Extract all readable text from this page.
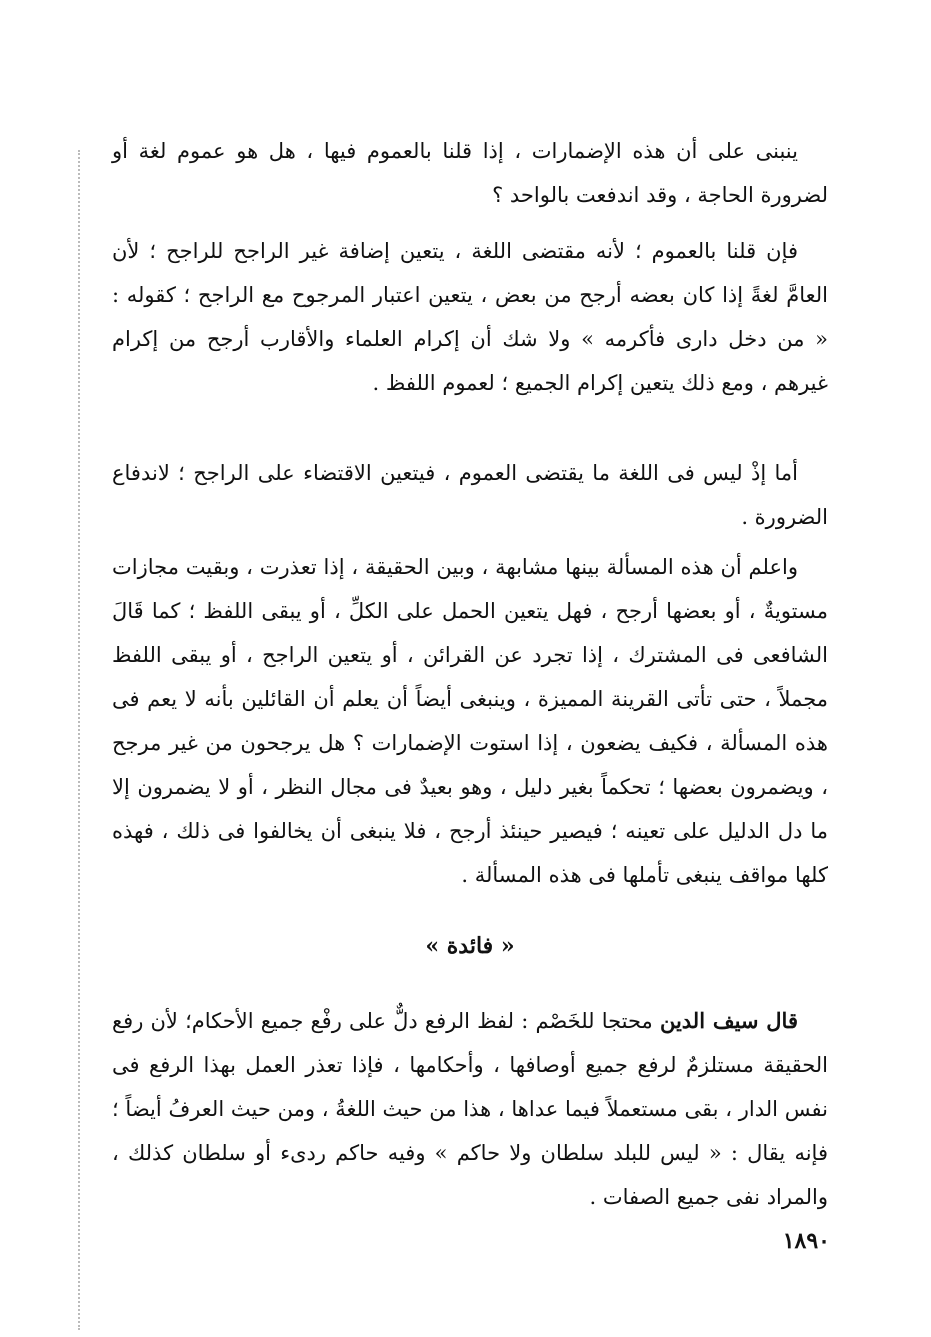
ينبنى على أن هذه الإضمارات ، إذا قلنا بالعموم فيها ، هل هو عموم لغة أو لضرورة الحاجة ، وقد اندفعت بالواحد ؟

فإن قلنا بالعموم ؛ لأنه مقتضى اللغة ، يتعين إضافة غير الراجح للراجح ؛ لأن العامَّ لغةً إذا كان بعضه أرجح من بعض ، يتعين اعتبار المرجوح مع الراجح ؛ كقوله : « من دخل دارى فأكرمه » ولا شك أن إكرام العلماء والأقارب أرجح من إكرام غيرهم ، ومع ذلك يتعين إكرام الجميع ؛ لعموم اللفظ .

أما إذْ ليس فى اللغة ما يقتضى العموم ، فيتعين الاقتضاء على الراجح ؛ لاندفاع الضرورة .

واعلم أن هذه المسألة بينها مشابهة ، وبين الحقيقة ، إذا تعذرت ، وبقيت مجازات مستويةٌ ، أو بعضها أرجح ، فهل يتعين الحمل على الكلِّ ، أو يبقى اللفظ ؛ كما قَالَ الشافعى فى المشترك ، إذا تجرد عن القرائن ، أو يتعين الراجح ، أو يبقى اللفظ مجملاً ، حتى تأتى القرينة المميزة ، وينبغى أيضاً أن يعلم أن القائلين بأنه لا يعم فى هذه المسألة ، فكيف يضعون ، إذا استوت الإضمارات ؟ هل يرجحون من غير مرجح ، ويضمرون بعضها ؛ تحكماً بغير دليل ، وهو بعيدٌ فى مجال النظر ، أو لا يضمرون إلا ما دل الدليل على تعينه ؛ فيصير حينئذ أرجح ، فلا ينبغى أن يخالفوا فى ذلك ، فهذه كلها مواقف ينبغى تأملها فى هذه المسألة .

« فائدة »

قال سيف الدين محتجا للخَصْم : لفظ الرفع دلٌّ على رفْع جميع الأحكام؛ لأن رفع الحقيقة مستلزمٌ لرفع جميع أوصافها ، وأحكامها ، فإذا تعذر العمل بهذا الرفع فى نفس الدار ، بقى مستعملاً فيما عداها ، هذا من حيث اللغةُ ، ومن حيث العرفُ أيضاً ؛ فإنه يقال : « ليس للبلد سلطان ولا حاكم » وفيه حاكم ردىء أو سلطان كذلك ، والمراد نفى جميع الصفات .

١٨٩٠
